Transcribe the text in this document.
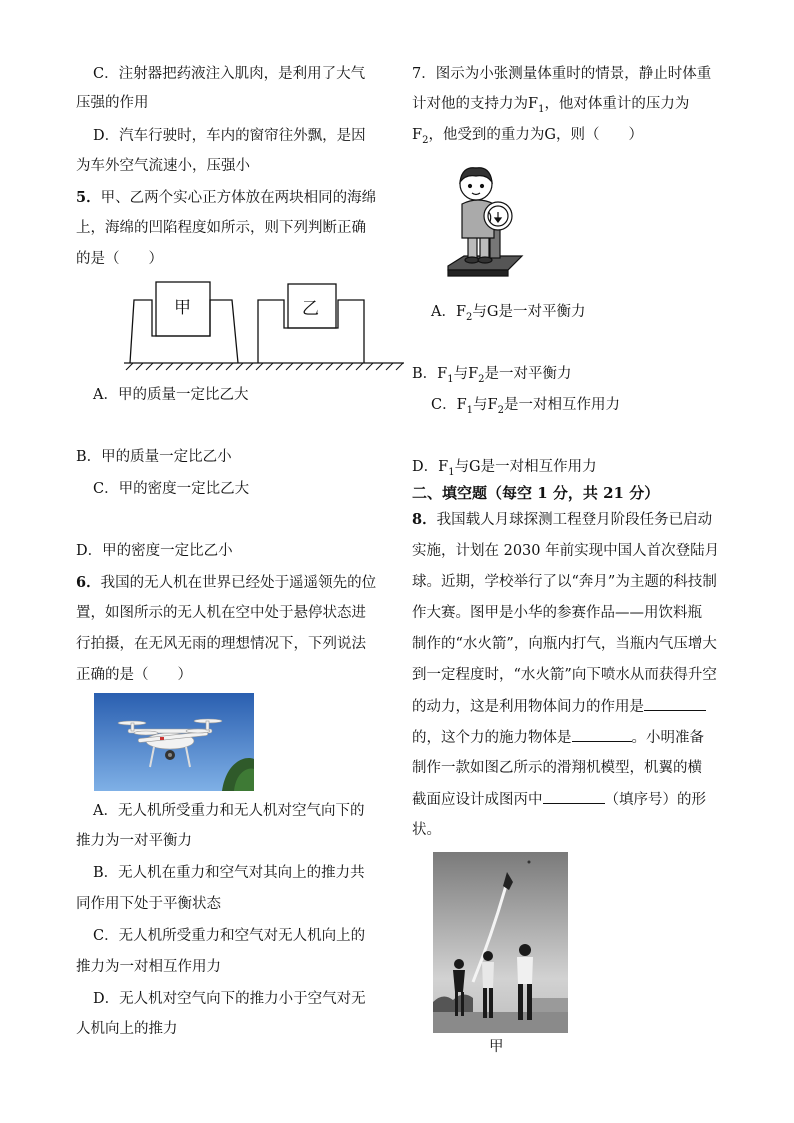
C．注射器把药液注入肌肉，是利用了大气
压强的作用
D．汽车行驶时，车内的窗帘往外飘，是因
为车外空气流速小，压强小
5．甲、乙两个实心正方体放在两块相同的海绵
上，海绵的凹陷程度如所示，则下列判断正确
的是（　　）
甲	乙
A．甲的质量一定比乙大
B．甲的质量一定比乙小
C．甲的密度一定比乙大
D．甲的密度一定比乙小
6．我国的无人机在世界已经处于遥遥领先的位
置，如图所示的无人机在空中处于悬停状态进
行拍摄，在无风无雨的理想情况下，下列说法
正确的是（　　）
A．无人机所受重力和无人机对空气向下的
推力为一对平衡力
B．无人机在重力和空气对其向上的推力共
同作用下处于平衡状态
C．无人机所受重力和空气对无人机向上的
推力为一对相互作用力
D．无人机对空气向下的推力小于空气对无
人机向上的推力
7．图示为小张测量体重时的情景，静止时体重
计对他的支持力为$F_1$，他对体重计的压力为
$F_2$，他受到的重力为G，则（　　）
A．$F_2$与G是一对平衡力
B．$F_1$与$F_2$是一对平衡力
C．$F_1$与$F_2$是一对相互作用力
D．$F_1$与G是一对相互作用力
二、填空题（每空 1 分，共 21 分）
8．我国载人月球探测工程登月阶段任务已启动
实施，计划在 2030 年前实现中国人首次登陆月
球。近期，学校举行了以“奔月”为主题的科技制
作大赛。图甲是小华的参赛作品——用饮料瓶
制作的“水火箭”，向瓶内打气，当瓶内气压增大
到一定程度时，“水火箭”向下喷水从而获得升空
的动力，这是利用物体间力的作用是
的，这个力的施力物体是	。小明准备
制作一款如图乙所示的滑翔机模型，机翼的横
截面应设计成图丙中	（填序号）的形
状。
甲
